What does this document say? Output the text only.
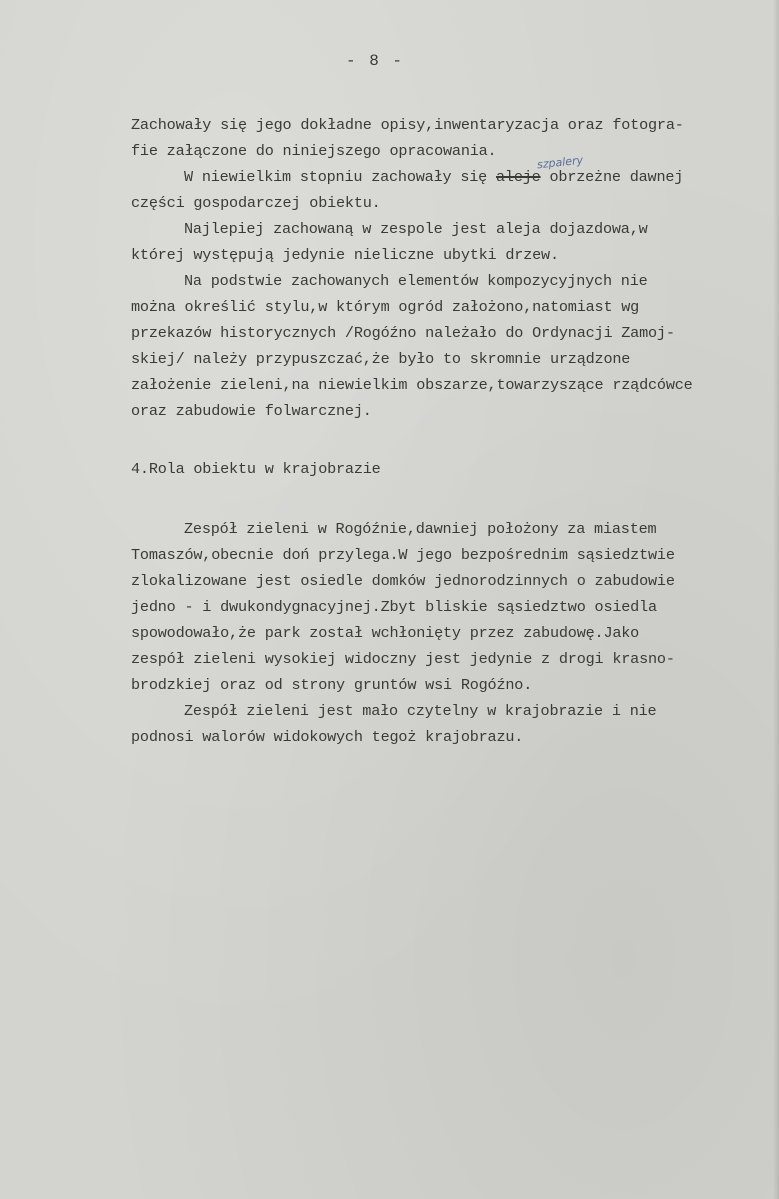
- 8 -
Zachowały się jego dokładne opisy,inwentaryzacja oraz fotogra-
fie załączone do niniejszego opracowania.
W niewielkim stopniu zachowały się aleje obrzeżne dawnej
szpalery
części gospodarczej obiektu.
Najlepiej zachowaną w zespole jest aleja dojazdowa,w
której występują jedynie nieliczne ubytki drzew.
Na podstwie zachowanych elementów kompozycyjnych nie
można określić stylu,w którym ogród założono,natomiast wg
przekazów historycznych /Rogóźno należało do Ordynacji Zamoj-
skiej/ należy przypuszczać,że było to skromnie urządzone
założenie zieleni,na niewielkim obszarze,towarzyszące rządcówce
oraz zabudowie folwarcznej.
4.Rola obiektu w krajobrazie
Zespół zieleni w Rogóźnie,dawniej położony za miastem
Tomaszów,obecnie doń przylega.W jego bezpośrednim sąsiedztwie
zlokalizowane jest osiedle domków jednorodzinnych o zabudowie
jedno - i dwukondygnacyjnej.Zbyt bliskie sąsiedztwo osiedla
spowodowało,że park został wchłonięty przez zabudowę.Jako
zespół zieleni wysokiej widoczny jest jedynie z drogi krasno-
brodzkiej oraz od strony gruntów wsi Rogóźno.
Zespół zieleni jest mało czytelny w krajobrazie i nie
podnosi walorów widokowych tegoż krajobrazu.
